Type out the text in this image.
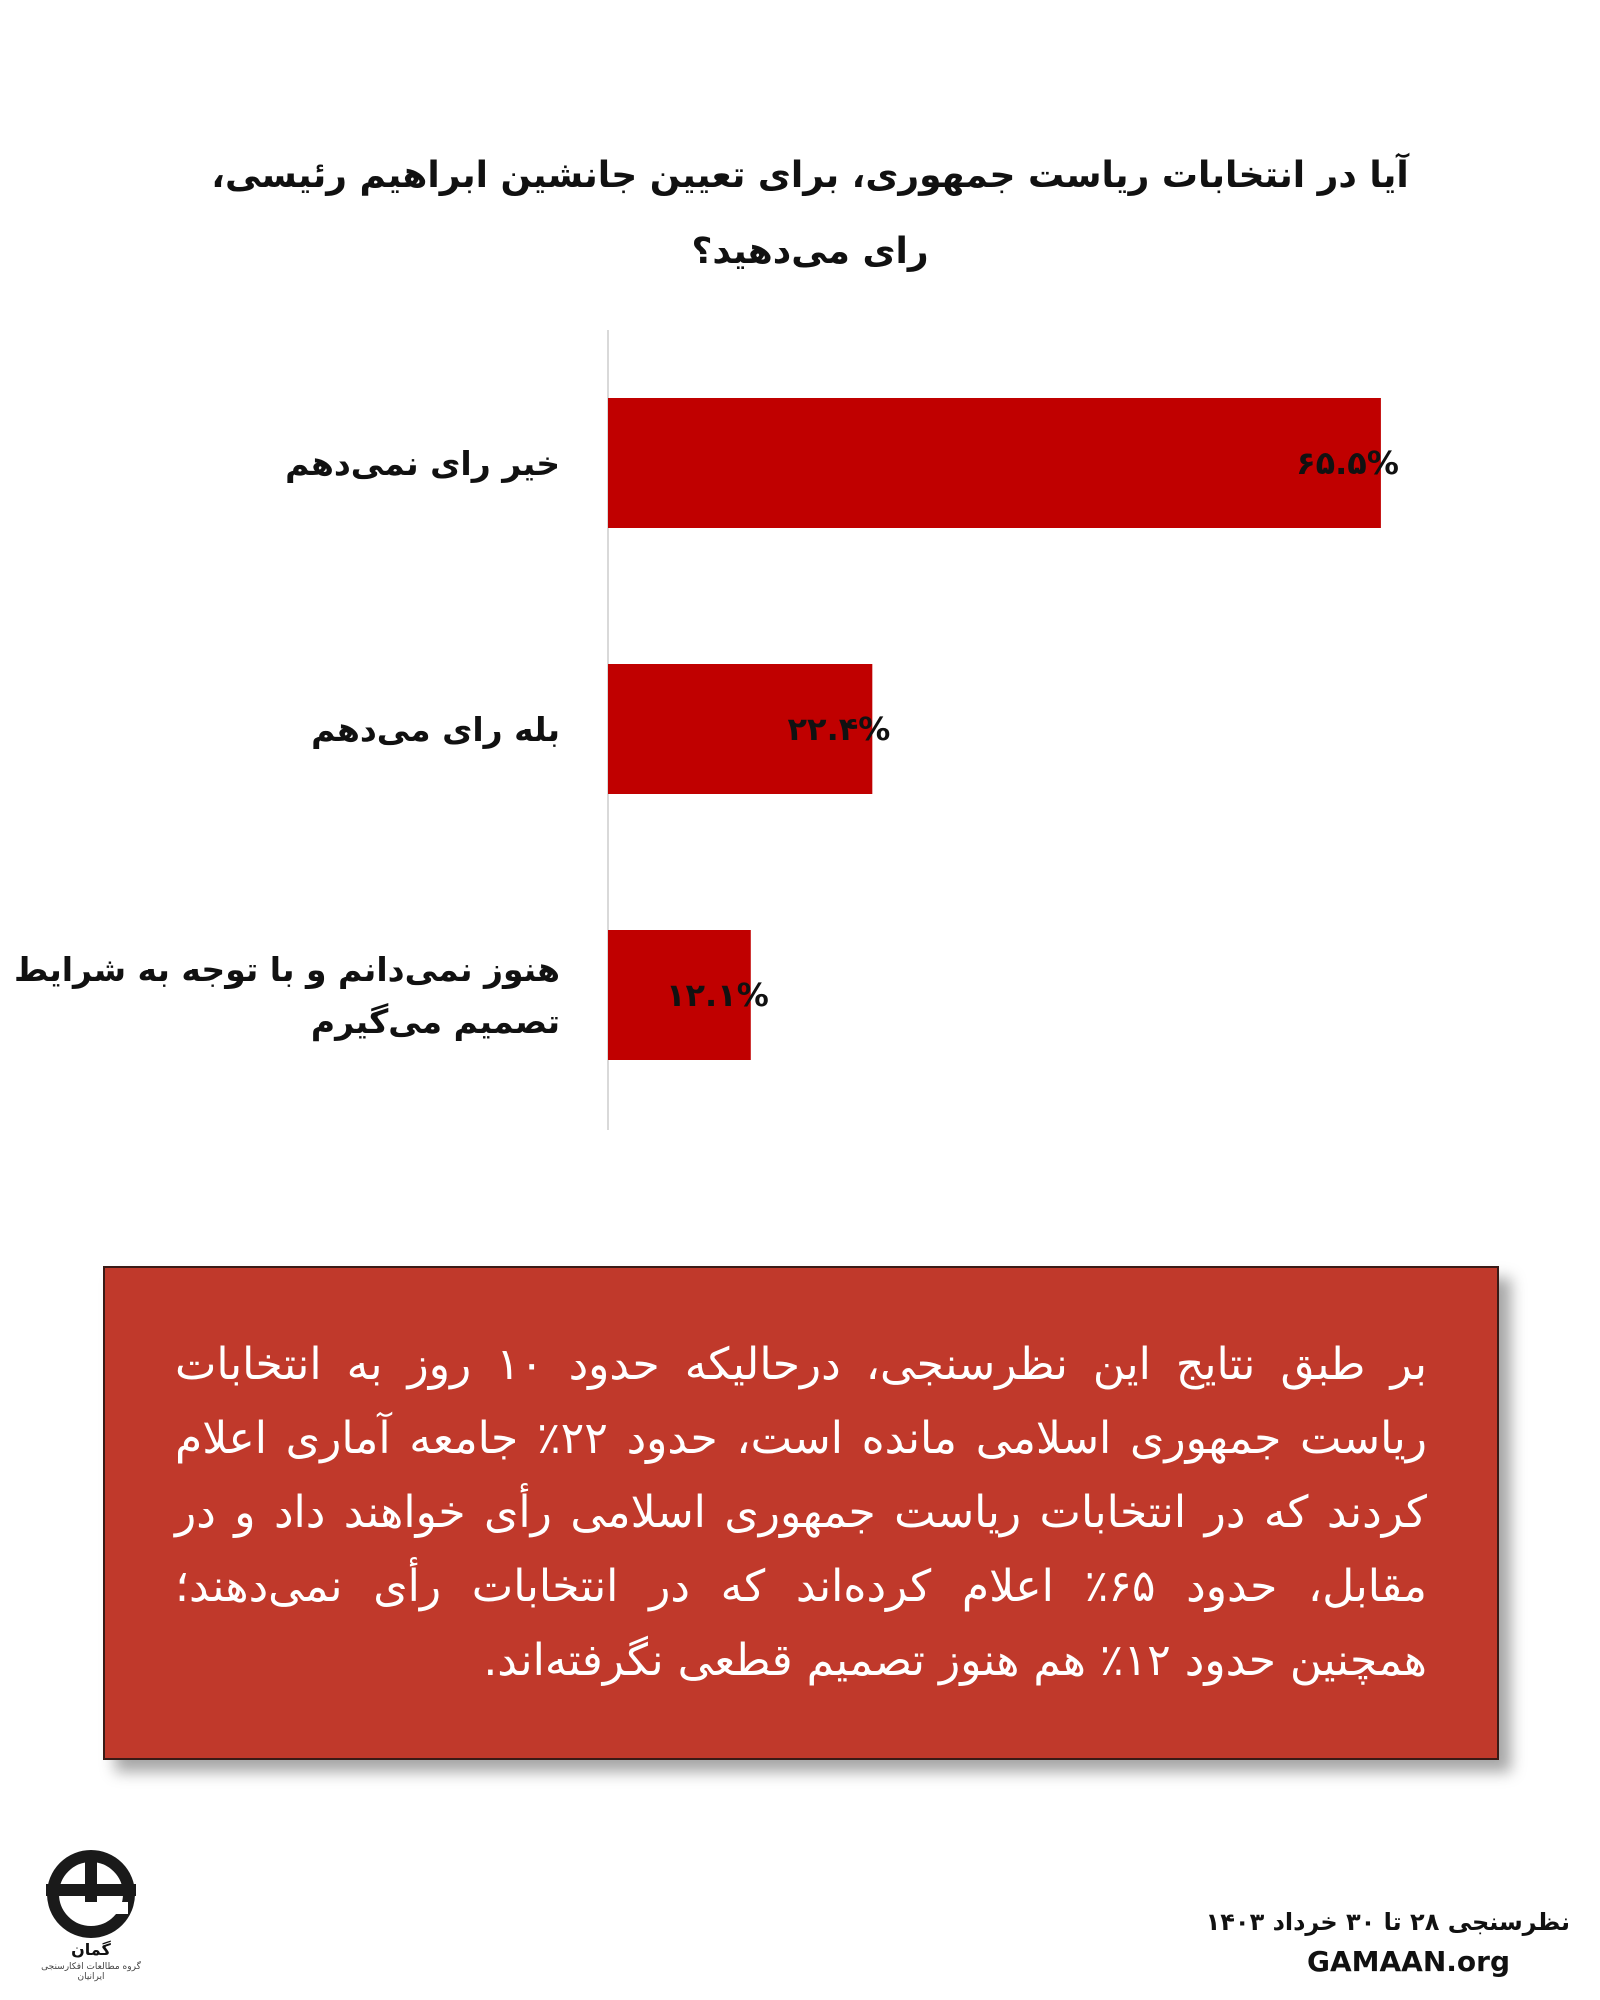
آیا در انتخابات ریاست جمهوری، برای تعیین جانشین ابراهیم رئیسی،
رای می‌دهید؟
۶۵.۵%
خیر رای نمی‌دهم
۲۲.۴%
بله رای می‌دهم
۱۲.۱%
هنوز نمی‌دانم و با توجه به شرایط
تصمیم می‌گیرم

بر طبق نتایج این نظرسنجی، درحالیکه حدود ۱۰ روز به انتخابات ریاست جمهوری اسلامی مانده است، حدود ۲۲٪ جامعه آماری اعلام کردند که در انتخابات ریاست جمهوری اسلامی رأی خواهند داد و در مقابل، حدود ۶۵٪ اعلام کرده‌اند که در انتخابات رأی نمی‌دهند؛ همچنین حدود ۱۲٪ هم هنوز تصمیم قطعی نگرفته‌اند.

گمان
گروه مطالعات افکارسنجی ایرانیان
نظرسنجی ۲۸ تا ۳۰ خرداد ۱۴۰۳
GAMAAN.org
